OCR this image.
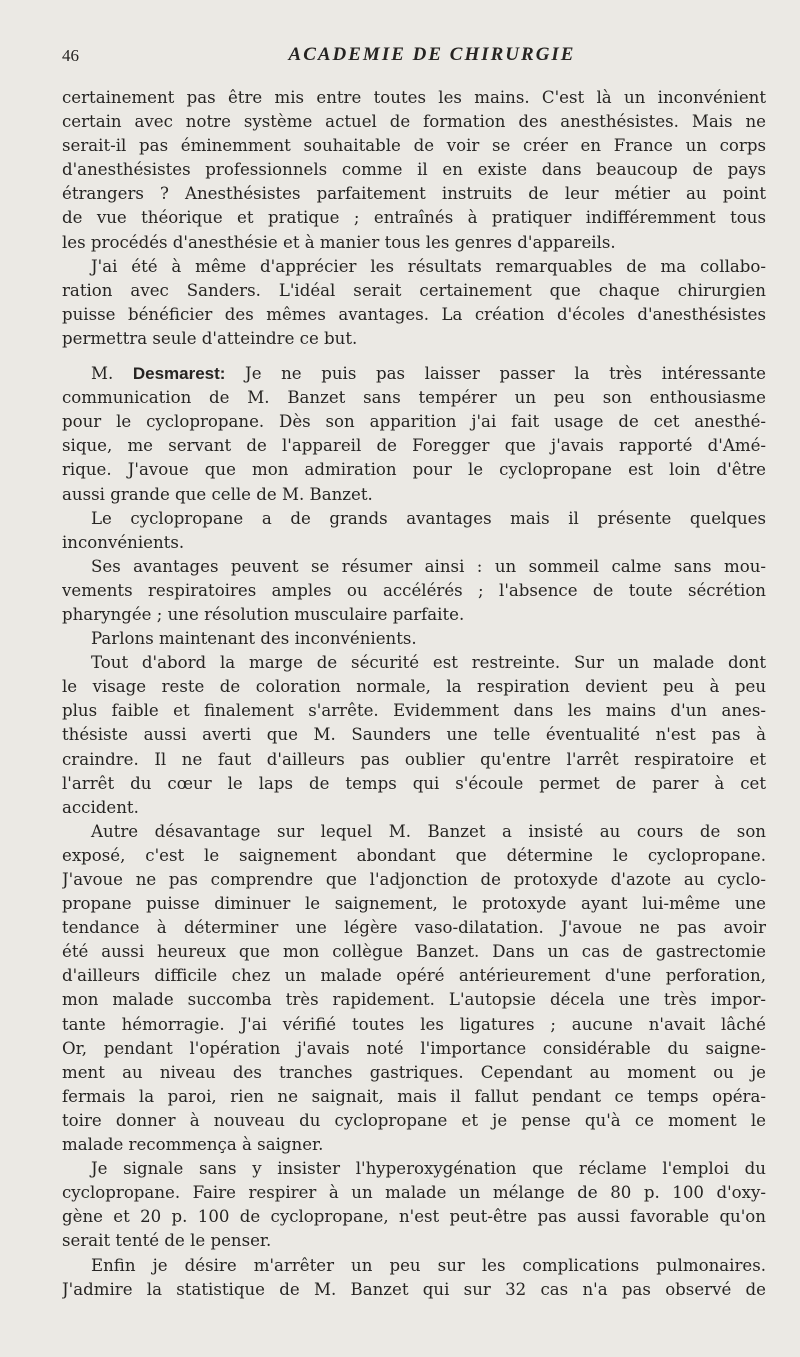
46	ACADEMIE DE CHIRURGIE
certainement pas être mis entre toutes les mains. C'est là un inconvénient
certain avec notre système actuel de formation des anesthésistes. Mais ne
serait-il pas éminemment souhaitable de voir se créer en France un corps
d'anesthésistes professionnels comme il en existe dans beaucoup de pays
étrangers ? Anesthésistes parfaitement instruits de leur métier au point
de vue théorique et pratique ; entraînés à pratiquer indifféremment tous
les procédés d'anesthésie et à manier tous les genres d'appareils.
J'ai été à même d'apprécier les résultats remarquables de ma collabo-
ration avec Sanders. L'idéal serait certainement que chaque chirurgien
puisse bénéficier des mêmes avantages. La création d'écoles d'anesthésistes
permettra seule d'atteindre ce but.
M. Desmarest: Je ne puis pas laisser passer la très intéressante
communication de M. Banzet sans tempérer un peu son enthousiasme
pour le cyclopropane. Dès son apparition j'ai fait usage de cet anesthé-
sique, me servant de l'appareil de Foregger que j'avais rapporté d'Amé-
rique. J'avoue que mon admiration pour le cyclopropane est loin d'être
aussi grande que celle de M. Banzet.
Le cyclopropane a de grands avantages mais il présente quelques
inconvénients.
Ses avantages peuvent se résumer ainsi : un sommeil calme sans mou-
vements respiratoires amples ou accélérés ; l'absence de toute sécrétion
pharyngée ; une résolution musculaire parfaite.
Parlons maintenant des inconvénients.
Tout d'abord la marge de sécurité est restreinte. Sur un malade dont
le visage reste de coloration normale, la respiration devient peu à peu
plus faible et finalement s'arrête. Evidemment dans les mains d'un anes-
thésiste aussi averti que M. Saunders une telle éventualité n'est pas à
craindre. Il ne faut d'ailleurs pas oublier qu'entre l'arrêt respiratoire et
l'arrêt du cœur le laps de temps qui s'écoule permet de parer à cet
accident.
Autre désavantage sur lequel M. Banzet a insisté au cours de son
exposé, c'est le saignement abondant que détermine le cyclopropane.
J'avoue ne pas comprendre que l'adjonction de protoxyde d'azote au cyclo-
propane puisse diminuer le saignement, le protoxyde ayant lui-même une
tendance à déterminer une légère vaso-dilatation. J'avoue ne pas avoir
été aussi heureux que mon collègue Banzet. Dans un cas de gastrectomie
d'ailleurs difficile chez un malade opéré antérieurement d'une perforation,
mon malade succomba très rapidement. L'autopsie décela une très impor-
tante hémorragie. J'ai vérifié toutes les ligatures ; aucune n'avait lâché
Or, pendant l'opération j'avais noté l'importance considérable du saigne-
ment au niveau des tranches gastriques. Cependant au moment ou je
fermais la paroi, rien ne saignait, mais il fallut pendant ce temps opéra-
toire donner à nouveau du cyclopropane et je pense qu'à ce moment le
malade recommença à saigner.
Je signale sans y insister l'hyperoxygénation que réclame l'emploi du
cyclopropane. Faire respirer à un malade un mélange de 80 p. 100 d'oxy-
gène et 20 p. 100 de cyclopropane, n'est peut-être pas aussi favorable qu'on
serait tenté de le penser.
Enfin je désire m'arrêter un peu sur les complications pulmonaires.
J'admire la statistique de M. Banzet qui sur 32 cas n'a pas observé de
